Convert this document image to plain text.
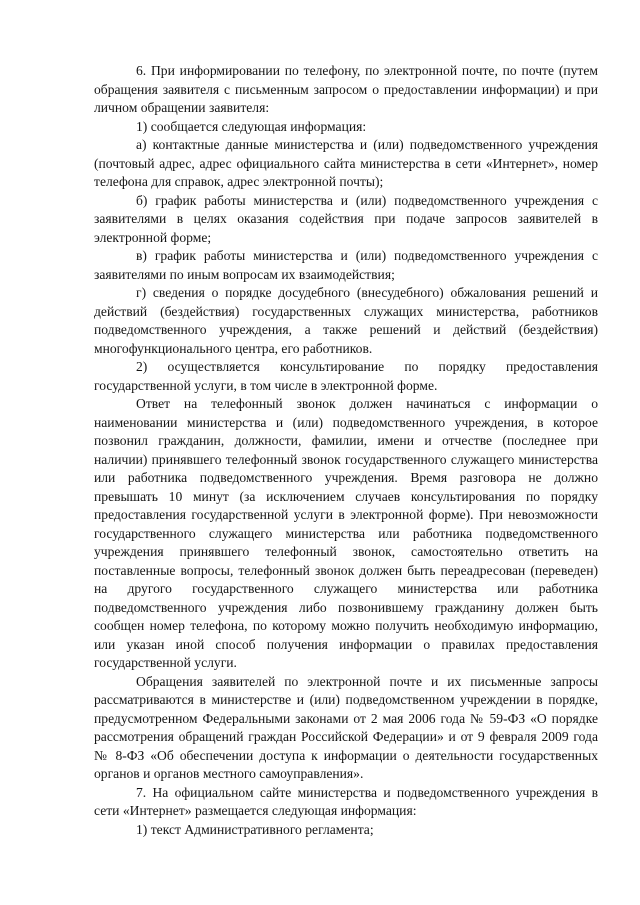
6. При информировании по телефону, по электронной почте, по почте (путем обращения заявителя с письменным запросом о предоставлении информации) и при личном обращении заявителя:

1) сообщается следующая информация:

а) контактные данные министерства и (или) подведомственного учреждения (почтовый адрес, адрес официального сайта министерства в сети «Интернет», номер телефона для справок, адрес электронной почты);

б) график работы министерства и (или) подведомственного учреждения с заявителями в целях оказания содействия при подаче запросов заявителей в электронной форме;

в) график работы министерства и (или) подведомственного учреждения с заявителями по иным вопросам их взаимодействия;

г) сведения о порядке досудебного (внесудебного) обжалования решений и действий (бездействия) государственных служащих министерства, работников подведомственного учреждения, а также решений и действий (бездействия) многофункционального центра, его работников.

2) осуществляется консультирование по порядку предоставления государственной услуги, в том числе в электронной форме.

Ответ на телефонный звонок должен начинаться с информации о наименовании министерства и (или) подведомственного учреждения, в которое позвонил гражданин, должности, фамилии, имени и отчестве (последнее при наличии) принявшего телефонный звонок государственного служащего министерства или работника подведомственного учреждения. Время разговора не должно превышать 10 минут (за исключением случаев консультирования по порядку предоставления государственной услуги в электронной форме). При невозможности государственного служащего министерства или работника подведомственного учреждения принявшего телефонный звонок, самостоятельно ответить на поставленные вопросы, телефонный звонок должен быть переадресован (переведен) на другого государственного служащего министерства или работника подведомственного учреждения либо позвонившему гражданину должен быть сообщен номер телефона, по которому можно получить необходимую информацию, или указан иной способ получения информации о правилах предоставления государственной услуги.

Обращения заявителей по электронной почте и их письменные запросы рассматриваются в министерстве и (или) подведомственном учреждении в порядке, предусмотренном Федеральными законами от 2 мая 2006 года № 59-ФЗ «О порядке рассмотрения обращений граждан Российской Федерации» и от 9 февраля 2009 года № 8-ФЗ «Об обеспечении доступа к информации о деятельности государственных органов и органов местного самоуправления».

7. На официальном сайте министерства и подведомственного учреждения в сети «Интернет» размещается следующая информация:

1) текст Административного регламента;
